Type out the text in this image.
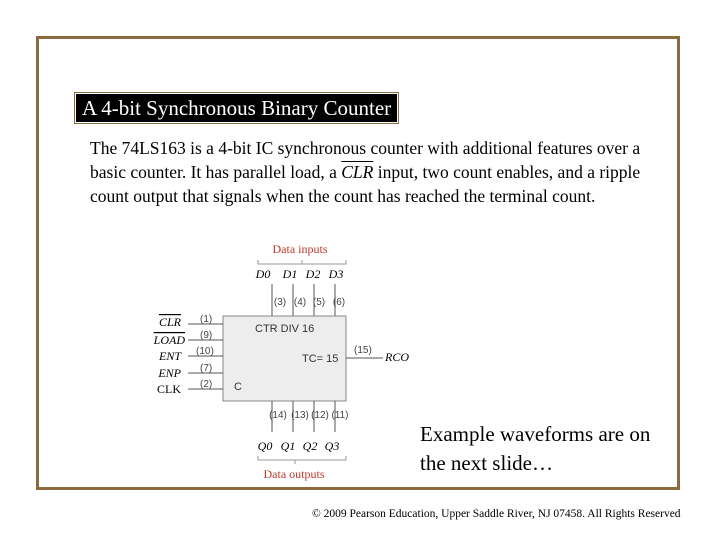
A 4-bit Synchronous Binary Counter
The 74LS163 is a 4-bit IC synchronous counter with additional features over a basic counter. It has parallel load, a $\overline{CLR}$ input, two count enables, and a ripple count output that signals when the count has reached the terminal count.
Data inputs
D0 D1 D2 D3
(3) (4) (5) (6)
CTR DIV 16
TC= 15
C
CLR
LOAD
ENT
ENP
CLK
(1)
(9)
(10)
(7)
(2)
(15) RCO
(14) (13) (12) (11)
Q0 Q1 Q2 Q3
Data outputs
Example waveforms are on the next slide…
© 2009 Pearson Education, Upper Saddle River, NJ 07458. All Rights Reserved
